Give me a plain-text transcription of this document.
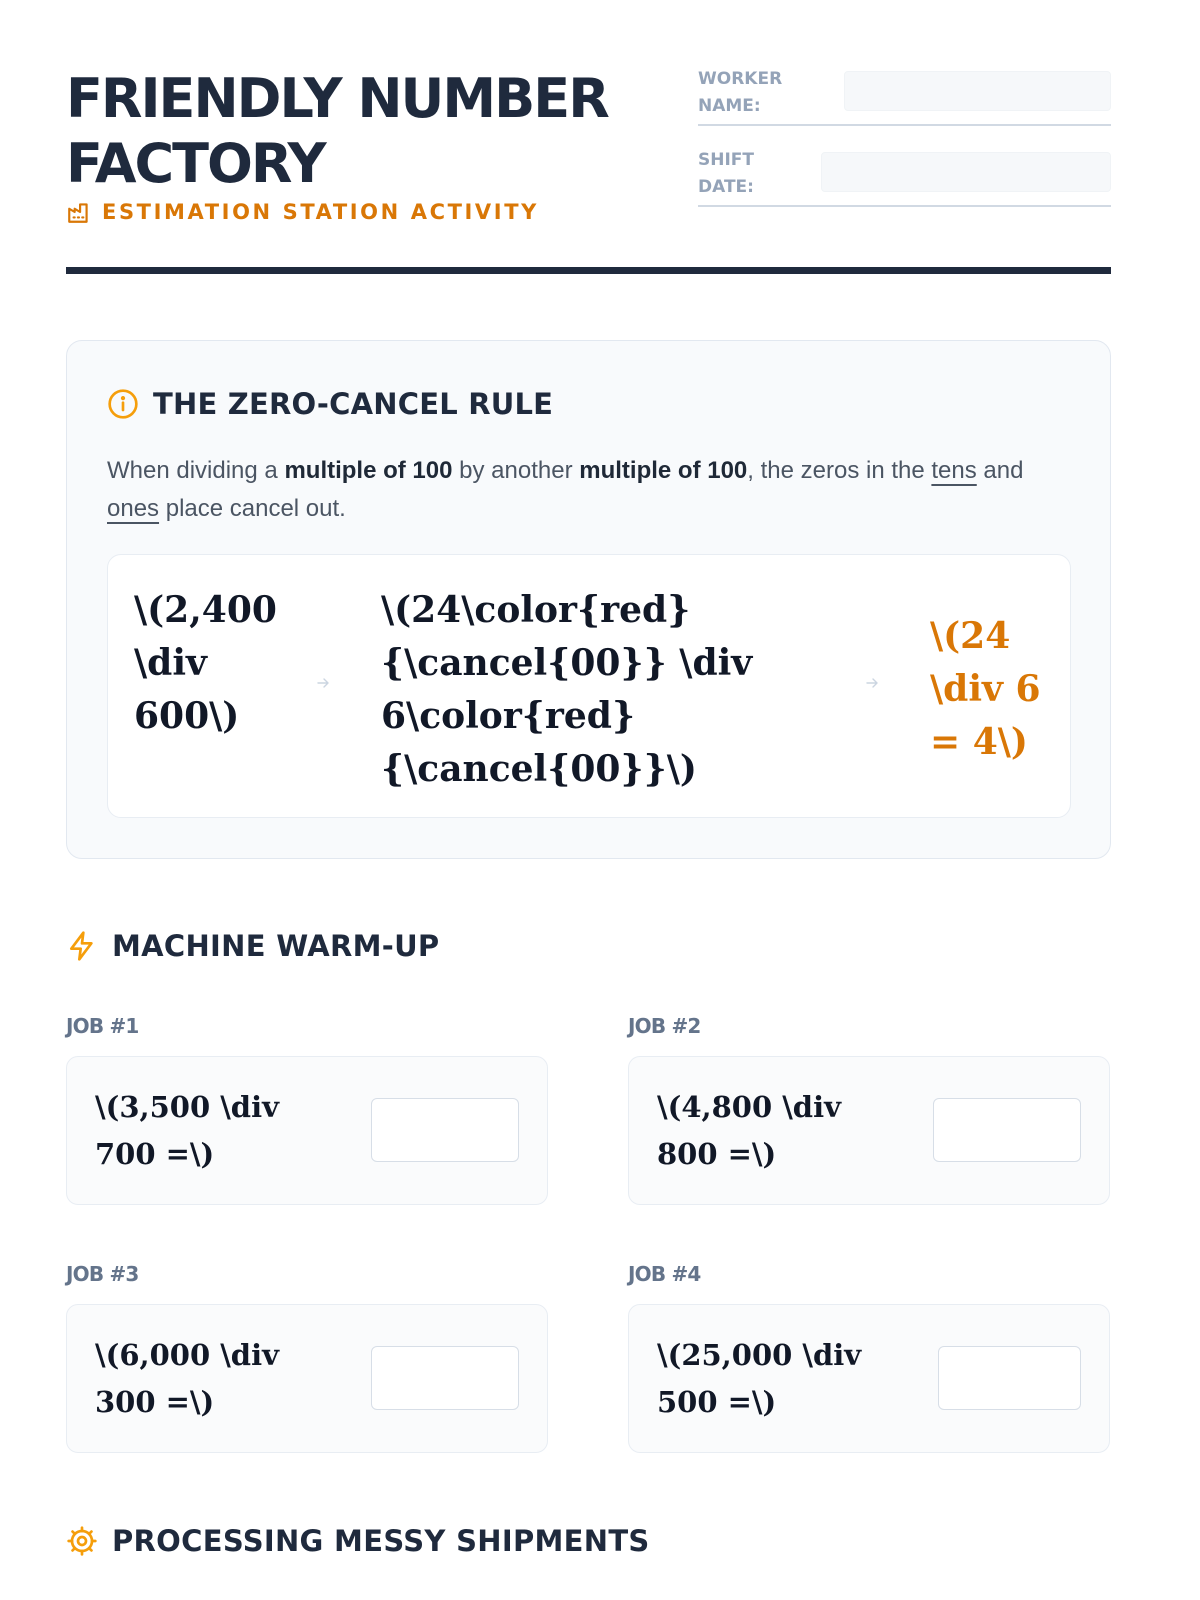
FRIENDLY NUMBER FACTORY
ESTIMATION STATION ACTIVITY
WORKER NAME:
SHIFT DATE:
THE ZERO-CANCEL RULE

When dividing a multiple of 100 by another multiple of 100, the zeros in the tens and ones place cancel out.

\(2,400 \div 600\)

\(24\color{red}{\cancel{00}} \div 6\color{red}{\cancel{00}}\)

\(24 \div 6 = 4\)

MACHINE WARM-UP

JOB #1

\(3,500 \div 700 =\)

JOB #2

\(4,800 \div 800 =\)

JOB #3

\(6,000 \div 300 =\)

JOB #4

\(25,000 \div 500 =\)

PROCESSING MESSY SHIPMENTS
